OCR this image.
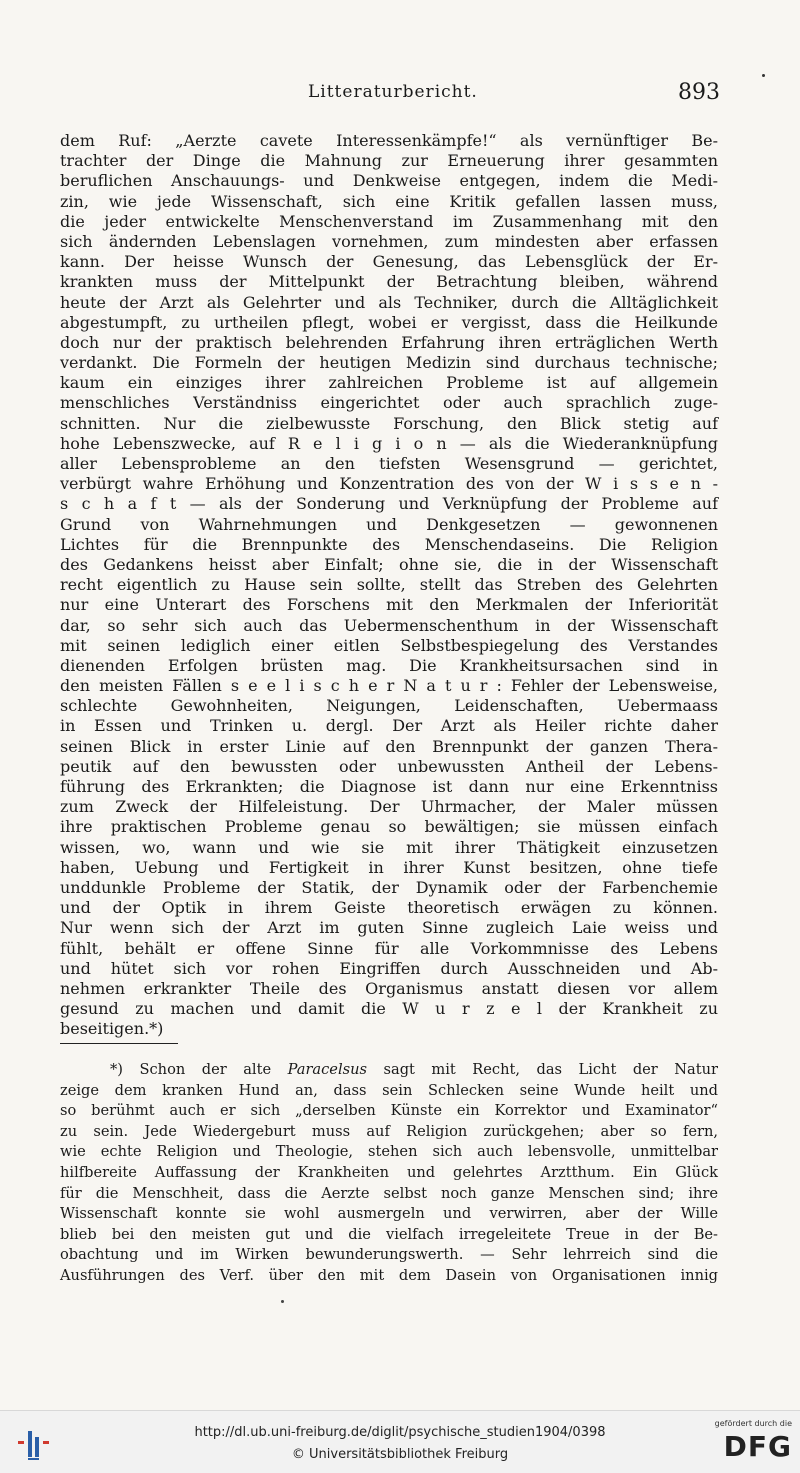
Litteraturbericht.	893
dem Ruf: „Aerzte cavete Interessenkämpfe!“ als vernünftiger Be-
trachter der Dinge die Mahnung zur Erneuerung ihrer gesammten
beruflichen Anschauungs- und Denkweise entgegen, indem die Medi-
zin, wie jede Wissenschaft, sich eine Kritik gefallen lassen muss,
die jeder entwickelte Menschenverstand im Zusammenhang mit den
sich ändernden Lebenslagen vornehmen, zum mindesten aber erfassen
kann. Der heisse Wunsch der Genesung, das Lebensglück der Er-
krankten muss der Mittelpunkt der Betrachtung bleiben, während
heute der Arzt als Gelehrter und als Techniker, durch die Alltäglichkeit
abgestumpft, zu urtheilen pflegt, wobei er vergisst, dass die Heilkunde
doch nur der praktisch belehrenden Erfahrung ihren erträglichen Werth
verdankt. Die Formeln der heutigen Medizin sind durchaus technische;
kaum ein einziges ihrer zahlreichen Probleme ist auf allgemein
menschliches Verständniss eingerichtet oder auch sprachlich zuge-
schnitten. Nur die zielbewusste Forschung, den Blick stetig auf
hohe Lebenszwecke, auf R e l i g i o n — als die Wiederanknüpfung
aller Lebensprobleme an den tiefsten Wesensgrund — gerichtet,
verbürgt wahre Erhöhung und Konzentration des von der W i s s e n -
s c h a f t — als der Sonderung und Verknüpfung der Probleme auf
Grund von Wahrnehmungen und Denkgesetzen — gewonnenen
Lichtes für die Brennpunkte des Menschendaseins. Die Religion
des Gedankens heisst aber Einfalt; ohne sie, die in der Wissenschaft
recht eigentlich zu Hause sein sollte, stellt das Streben des Gelehrten
nur eine Unterart des Forschens mit den Merkmalen der Inferiorität
dar, so sehr sich auch das Uebermenschenthum in der Wissenschaft
mit seinen lediglich einer eitlen Selbstbespiegelung des Verstandes
dienenden Erfolgen brüsten mag. Die Krankheitsursachen sind in
den meisten Fällen s e e l i s c h e r N a t u r : Fehler der Lebensweise,
schlechte Gewohnheiten, Neigungen, Leidenschaften, Uebermaass
in Essen und Trinken u. dergl. Der Arzt als Heiler richte daher
seinen Blick in erster Linie auf den Brennpunkt der ganzen Thera-
peutik auf den bewussten oder unbewussten Antheil der Lebens-
führung des Erkrankten; die Diagnose ist dann nur eine Erkenntniss
zum Zweck der Hilfeleistung. Der Uhrmacher, der Maler müssen
ihre praktischen Probleme genau so bewältigen; sie müssen einfach
wissen, wo, wann und wie sie mit ihrer Thätigkeit einzusetzen
haben, Uebung und Fertigkeit in ihrer Kunst besitzen, ohne tiefe
unddunkle Probleme der Statik, der Dynamik oder der Farbenchemie
und der Optik in ihrem Geiste theoretisch erwägen zu können.
Nur wenn sich der Arzt im guten Sinne zugleich Laie weiss und
fühlt, behält er offene Sinne für alle Vorkommnisse des Lebens
und hütet sich vor rohen Eingriffen durch Ausschneiden und Ab-
nehmen erkrankter Theile des Organismus anstatt diesen vor allem
gesund zu machen und damit die W u r z e l der Krankheit zu
beseitigen.*)
*) Schon der alte Paracelsus sagt mit Recht, das Licht der Natur
zeige dem kranken Hund an, dass sein Schlecken seine Wunde heilt und
so berühmt auch er sich „derselben Künste ein Korrektor und Examinator“
zu sein. Jede Wiedergeburt muss auf Religion zurückgehen; aber so fern,
wie echte Religion und Theologie, stehen sich auch lebensvolle, unmittelbar
hilfbereite Auffassung der Krankheiten und gelehrtes Arztthum. Ein Glück
für die Menschheit, dass die Aerzte selbst noch ganze Menschen sind; ihre
Wissenschaft konnte sie wohl ausmergeln und verwirren, aber der Wille
blieb bei den meisten gut und die vielfach irregeleitete Treue in der Be-
obachtung und im Wirken bewunderungswerth. — Sehr lehrreich sind die
Ausführungen des Verf. über den mit dem Dasein von Organisationen innig
http://dl.ub.uni-freiburg.de/diglit/psychische_studien1904/0398
© Universitätsbibliothek Freiburg
gefördert durch die
DFG
